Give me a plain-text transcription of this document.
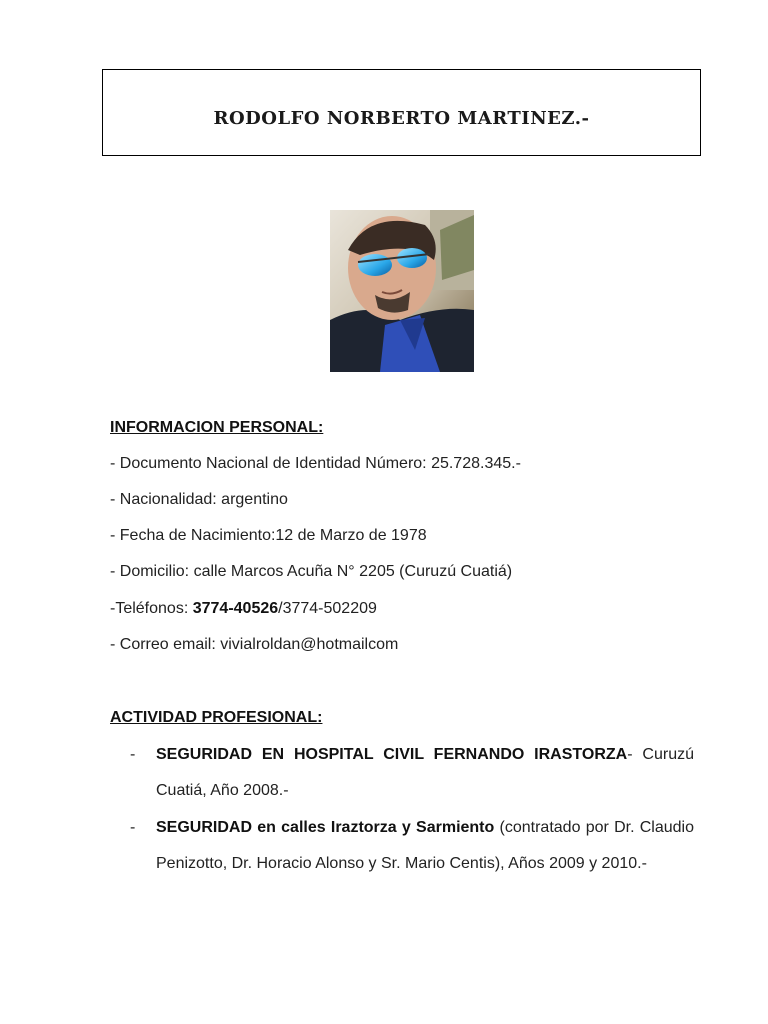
RODOLFO NORBERTO MARTINEZ.-
INFORMACION PERSONAL:
- Documento Nacional de Identidad Número: 25.728.345.-
- Nacionalidad: argentino
- Fecha de Nacimiento:12 de Marzo de 1978
- Domicilio: calle Marcos Acuña N° 2205 (Curuzú Cuatiá)
-Teléfonos: 3774-40526/3774-502209
- Correo email: vivialroldan@hotmailcom
ACTIVIDAD PROFESIONAL:
- SEGURIDAD EN HOSPITAL CIVIL FERNANDO IRASTORZA- Curuzú Cuatiá, Año 2008.-
- SEGURIDAD en calles Iraztorza y Sarmiento (contratado por Dr. Claudio Penizotto, Dr. Horacio Alonso y Sr. Mario Centis), Años 2009 y 2010.-
